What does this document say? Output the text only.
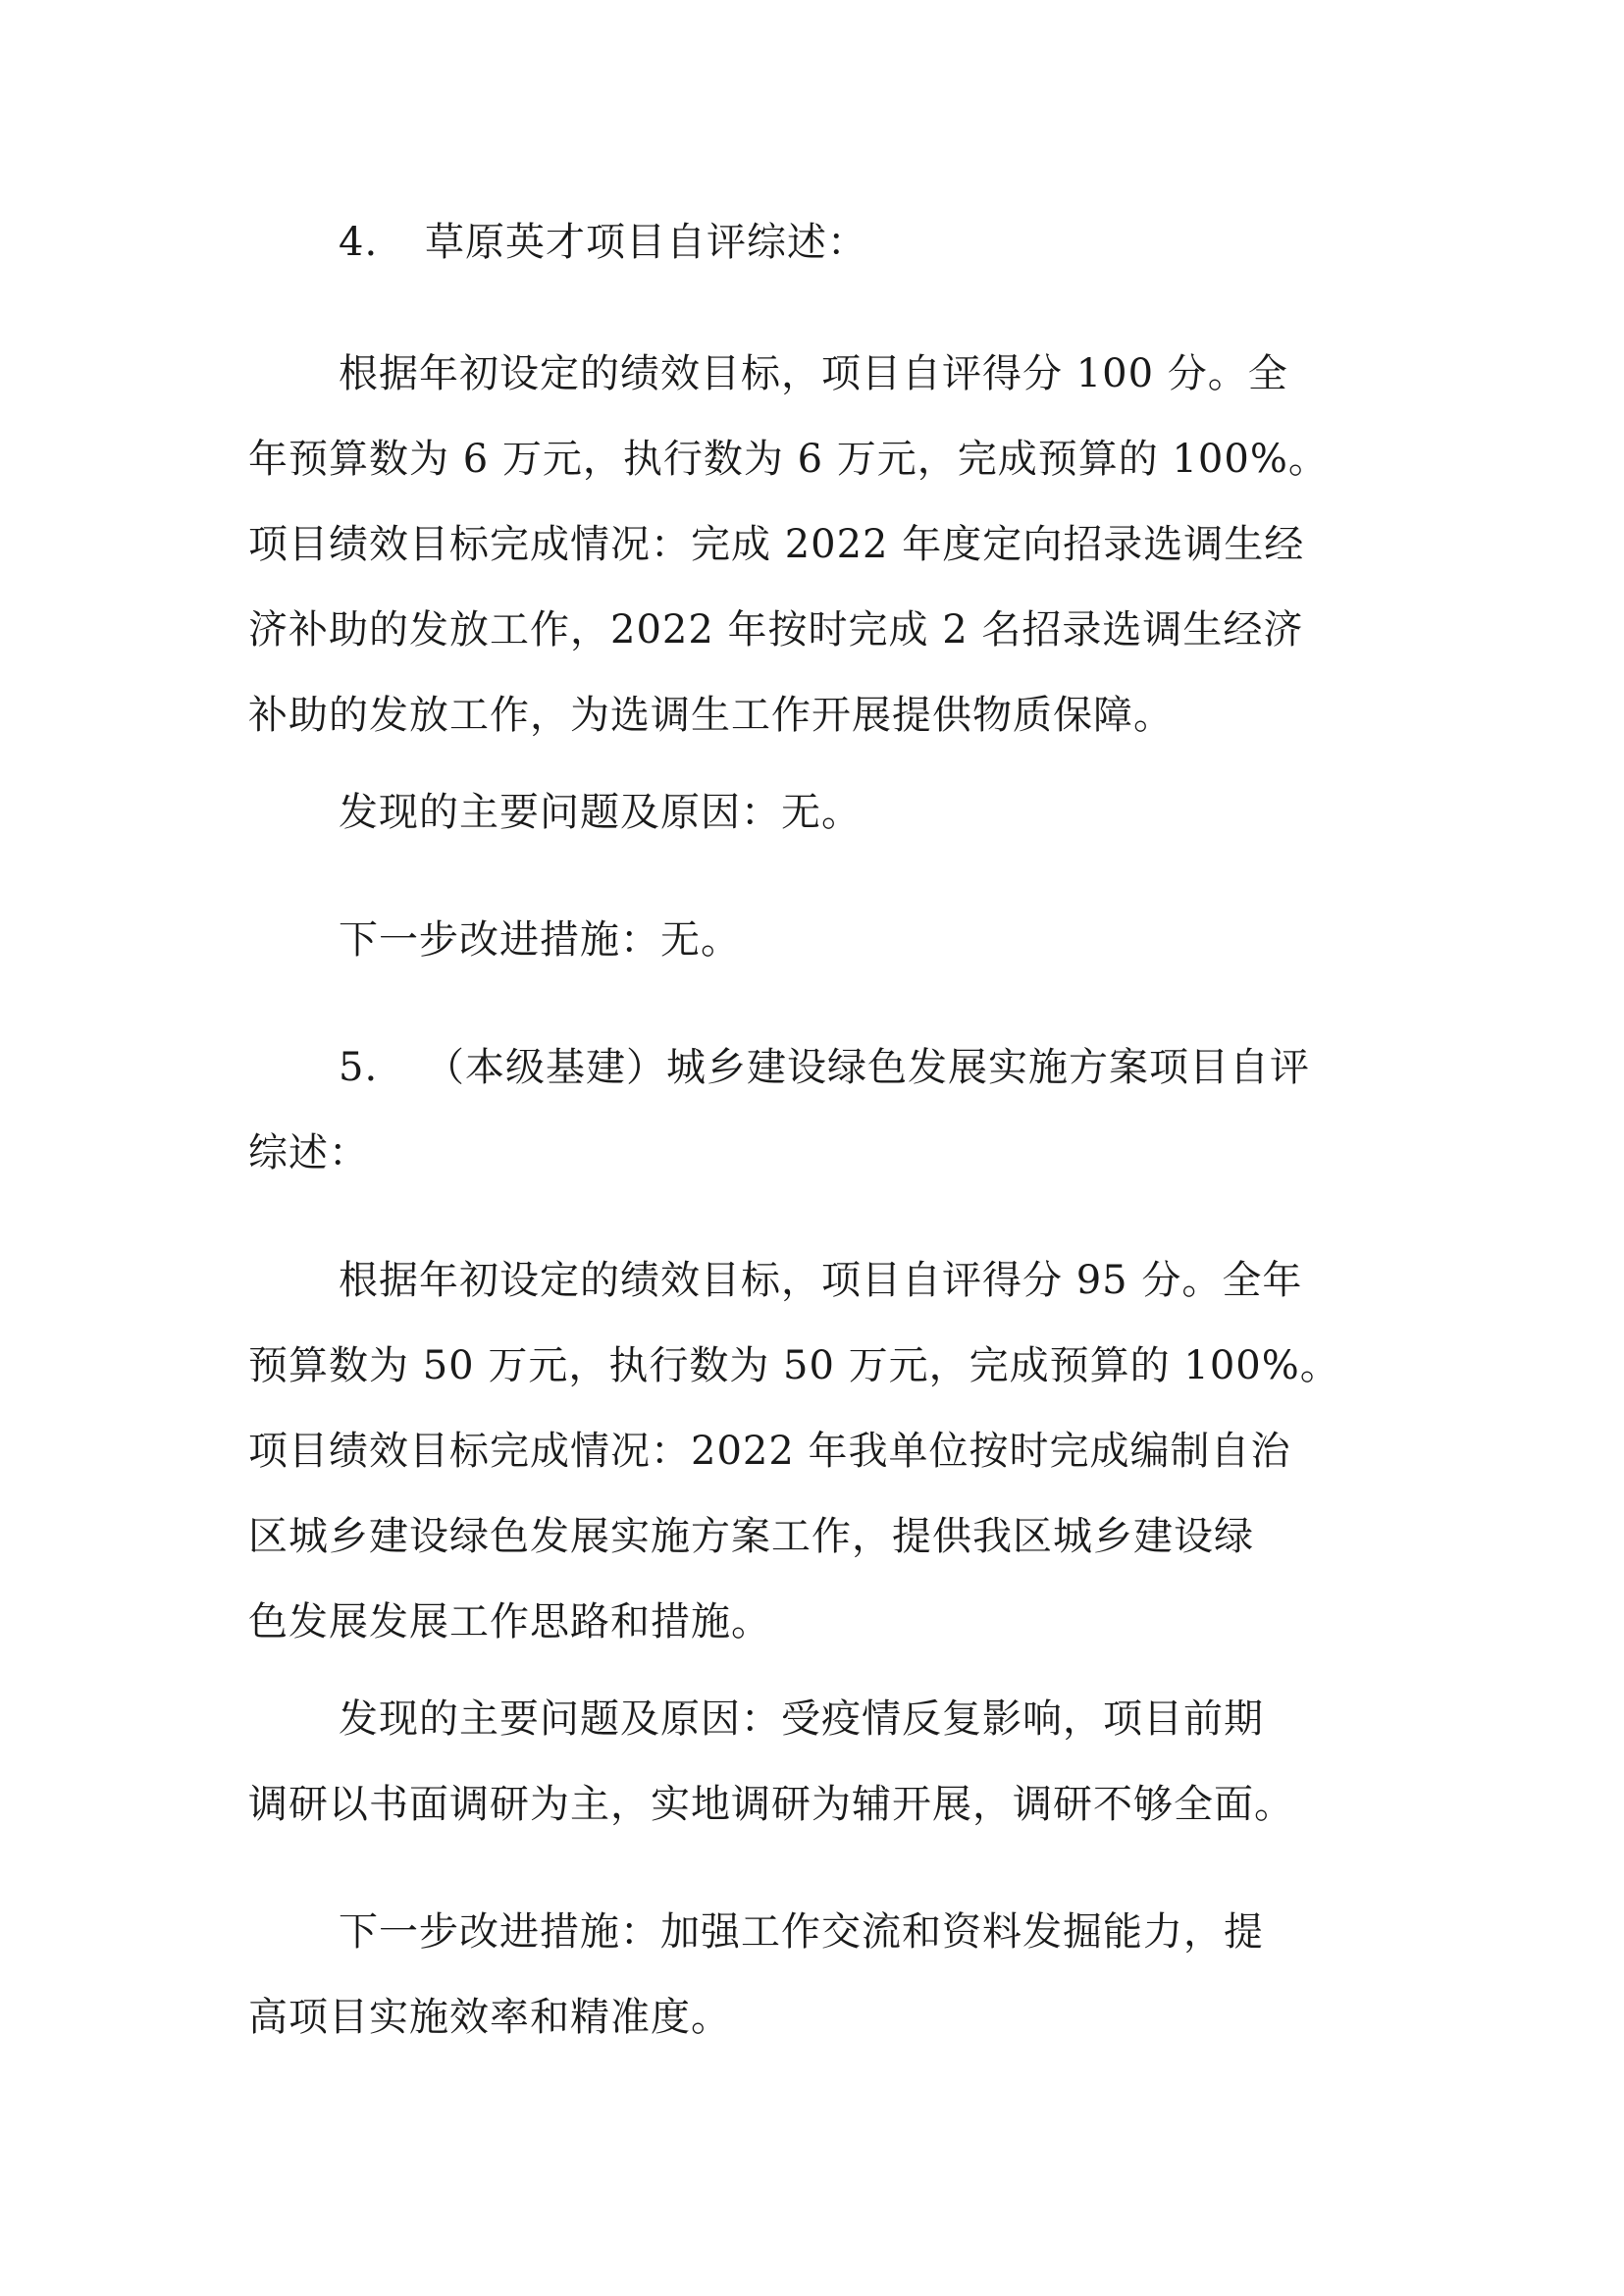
4. 草原英才项目自评综述：
根据年初设定的绩效目标，项目自评得分 100 分。全
年预算数为 6 万元，执行数为 6 万元，完成预算的 100%。
项目绩效目标完成情况：完成 2022 年度定向招录选调生经
济补助的发放工作，2022 年按时完成 2 名招录选调生经济
补助的发放工作，为选调生工作开展提供物质保障。
发现的主要问题及原因：无。
下一步改进措施：无。
5. （本级基建）城乡建设绿色发展实施方案项目自评
综述：
根据年初设定的绩效目标，项目自评得分 95 分。全年
预算数为 50 万元，执行数为 50 万元，完成预算的 100%。
项目绩效目标完成情况：2022 年我单位按时完成编制自治
区城乡建设绿色发展实施方案工作，提供我区城乡建设绿
色发展发展工作思路和措施。
发现的主要问题及原因：受疫情反复影响，项目前期
调研以书面调研为主，实地调研为辅开展，调研不够全面。
下一步改进措施：加强工作交流和资料发掘能力，提
高项目实施效率和精准度。
